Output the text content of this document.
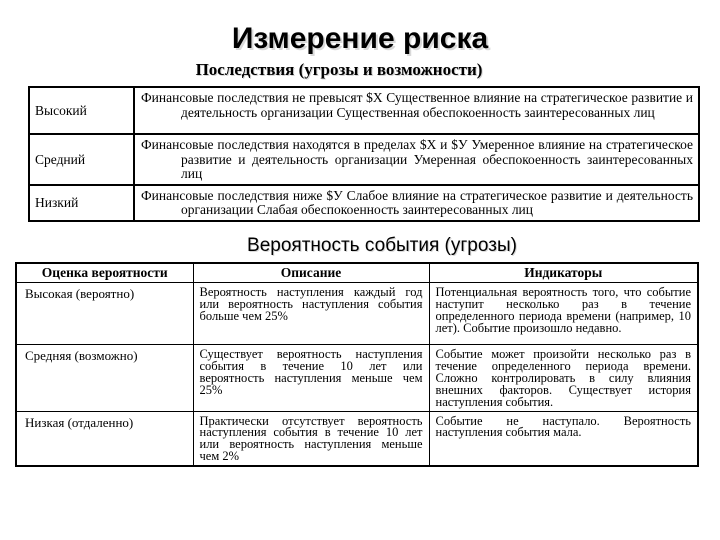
Измерение риска
Последствия (угрозы и возможности)
Высокий	Финансовые последствия не превысят $X Существенное влияние на стратегическое развитие и деятельность организации Существенная обеспокоенность заинтересованных лиц
Средний	Финансовые последствия находятся в пределах $X и $У Умеренное влияние на стратегическое развитие и деятельность организации Умеренная обеспокоенность заинтересованных лиц
Низкий	Финансовые последствия ниже $У Слабое влияние на стратегическое развитие и деятельность организации Слабая обеспокоенность заинтересованных лиц
Вероятность события (угрозы)
Оценка вероятности	Описание	Индикаторы
Высокая (вероятно)	Вероятность наступления каждый год или вероятность наступления события больше чем 25%	Потенциальная вероятность того, что событие наступит несколько раз в течение определенного периода времени (например, 10 лет). Событие произошло недавно.
Средняя (возможно)	Существует вероятность наступления события в течение 10 лет или вероятность наступления меньше чем 25%	Событие может произойти несколько раз в течение определенного периода времени. Сложно контролировать в силу влияния внешних факторов. Существует история наступления события.
Низкая (отдаленно)	Практически отсутствует вероятность наступления события в течение 10 лет или вероятность наступления меньше чем 2%	Событие не наступало. Вероятность наступления события мала.
